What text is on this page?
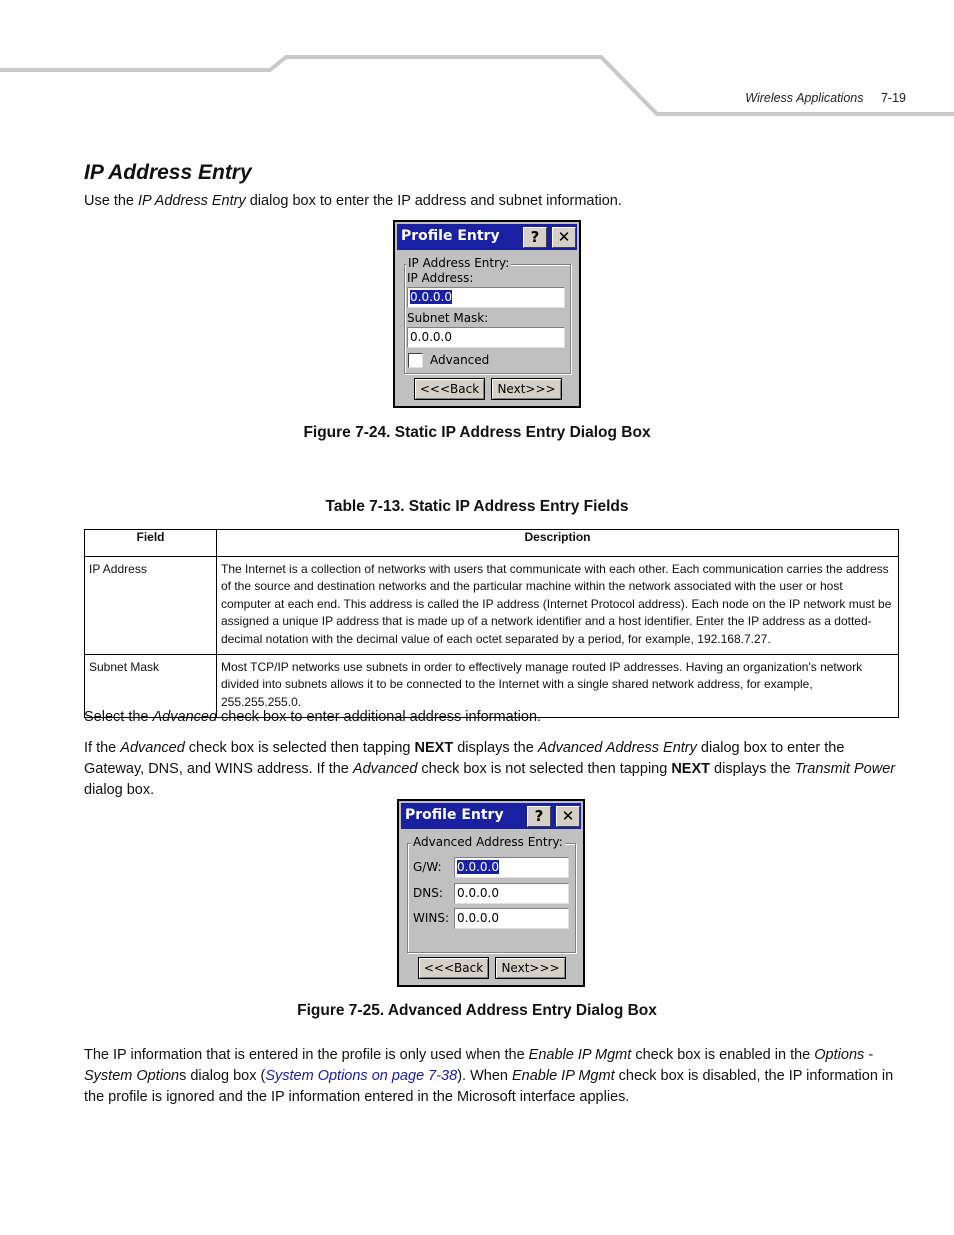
Wireless Applications 7-19
IP Address Entry

Use the IP Address Entry dialog box to enter the IP address and subnet information.

Profile Entry	?	✕
IP Address Entry:
IP Address:
0.0.0.0
Subnet Mask:
0.0.0.0
Advanced
<<<Back	Next>>>
Figure 7-24. Static IP Address Entry Dialog Box
Table 7-13. Static IP Address Entry Fields
Field	Description
IP Address	The Internet is a collection of networks with users that communicate with each other. Each communication carries the address of the source and destination networks and the particular machine within the network associated with the user or host computer at each end. This address is called the IP address (Internet Protocol address). Each node on the IP network must be assigned a unique IP address that is made up of a network identifier and a host identifier. Enter the IP address as a dotted-decimal notation with the decimal value of each octet separated by a period, for example, 192.168.7.27.
Subnet Mask	Most TCP/IP networks use subnets in order to effectively manage routed IP addresses. Having an organization's network divided into subnets allows it to be connected to the Internet with a single shared network address, for example, 255.255.255.0.

Select the Advanced check box to enter additional address information.

If the Advanced check box is selected then tapping NEXT displays the Advanced Address Entry dialog box to enter the Gateway, DNS, and WINS address. If the Advanced check box is not selected then tapping NEXT displays the Transmit Power dialog box.

Profile Entry	?	✕
Advanced Address Entry:
G/W: 0.0.0.0
DNS: 0.0.0.0
WINS: 0.0.0.0
<<<Back	Next>>>
Figure 7-25. Advanced Address Entry Dialog Box

The IP information that is entered in the profile is only used when the Enable IP Mgmt check box is enabled in the Options - System Options dialog box (System Options on page 7-38). When Enable IP Mgmt check box is disabled, the IP information in the profile is ignored and the IP information entered in the Microsoft interface applies.
